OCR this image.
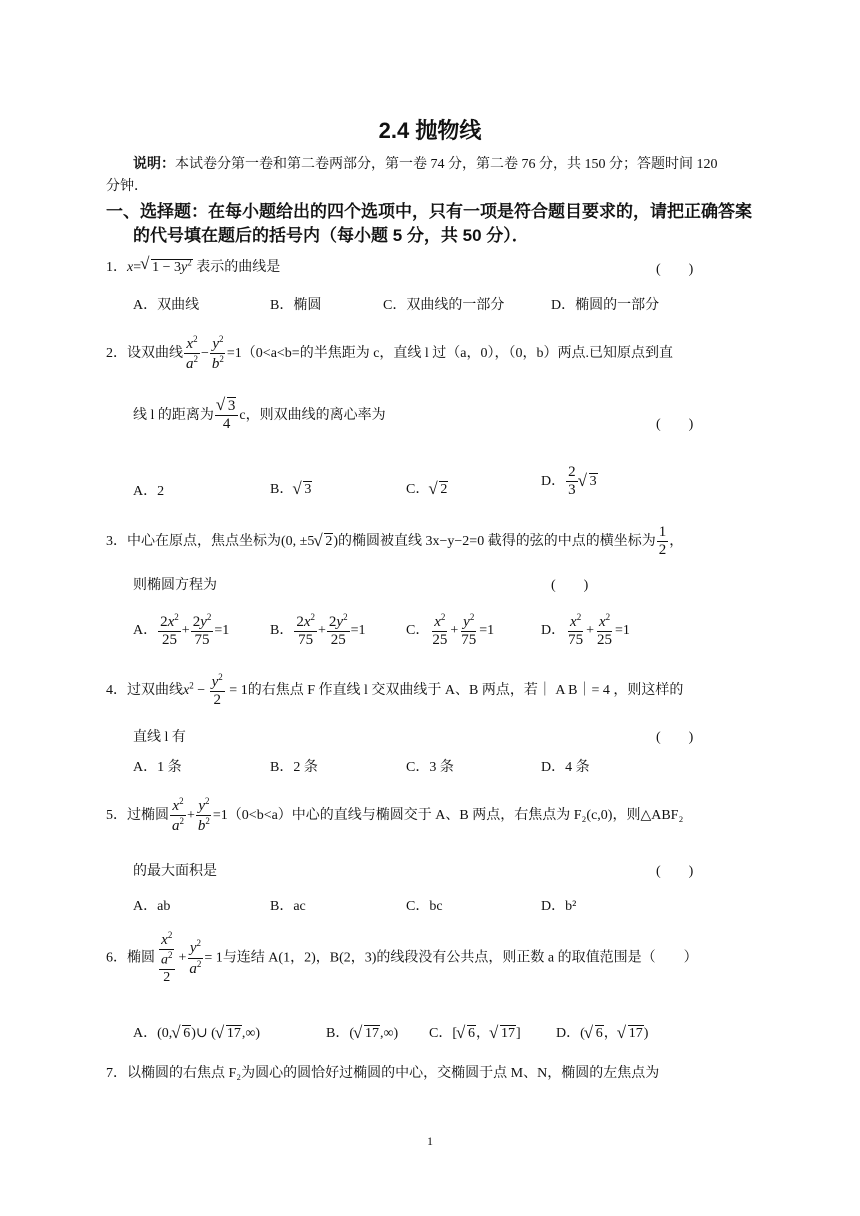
2.4 抛物线
说明：本试卷分第一卷和第二卷两部分，第一卷 74 分，第二卷 76 分，共 150 分；答题时间 120
分钟．
一、选择题：在每小题给出的四个选项中，只有一项是符合题目要求的，请把正确答案
的代号填在题后的括号内（每小题 5 分，共 50 分）．
1．x= √ $1 - 3y^2$ 表示的曲线是	(　　)
A．双曲线	B．椭圆	C．双曲线的一部分	D．椭圆的一部分
2．设双曲线 $\frac{x^2}{a^2} - \frac{y^2}{b^2} =1(0<a<b=$的半焦距为 c，直线 l 过（a，0），（0，b）两点.已知原点到直
线 l 的距离为 √ $\frac{3}{4}$ c，则双曲线的离心率为
(　　)
A．2	B． √ 3	C． √ 2
D． $\frac{2}{3}$ √ 3
3．中心在原点，焦点坐标为(0, ±5 √ 2)的椭圆被直线 3x−y−2=0 截得的弦的中点的横坐标为 $\frac{1}{2}$ ，
则椭圆方程为	(　　)
A． $\frac{2x^2}{25} + \frac{2y^2}{75} =1$	B． $\frac{2x^2}{75} + \frac{2y^2}{25} =1$	C． $\frac{x^2}{25} + \frac{y^2}{75} =1$	D． $\frac{x^2}{75} + \frac{x^2}{25} =1$
4．过双曲线$x^2 - \frac{y^2}{2} = 1$的右焦点 F 作直线 l 交双曲线于 A、B 两点，若｜ A B｜= 4 ，则这样的
直线 l 有	(　　)
A．1 条	B．2 条	C．3 条	D．4 条
5．过椭圆 $\frac{x^2}{a^2} + \frac{y^2}{b^2} =1(0<b<a)$中心的直线与椭圆交于 A、B 两点，右焦点为 F₂(c,0)，则△ABF₂
的最大面积是	(　　)
A．ab	B．ac	C．bc	D．b²
6．椭圆 $\frac{x^2}{\frac{a^2}{2}} + \frac{y^2}{a^2} = 1$与连结 A(1，2)，B(2，3)的线段没有公共点，则正数 a 的取值范围是（　　）
A．(0, √ 6)∪ ( √ 17,∞)	B．( √ 17,∞) C．[ √ 6， √ 17]	D．( √ 6， √ 17)
7．以椭圆的右焦点 F₂为圆心的圆恰好过椭圆的中心，交椭圆于点 M、N，椭圆的左焦点为
1
